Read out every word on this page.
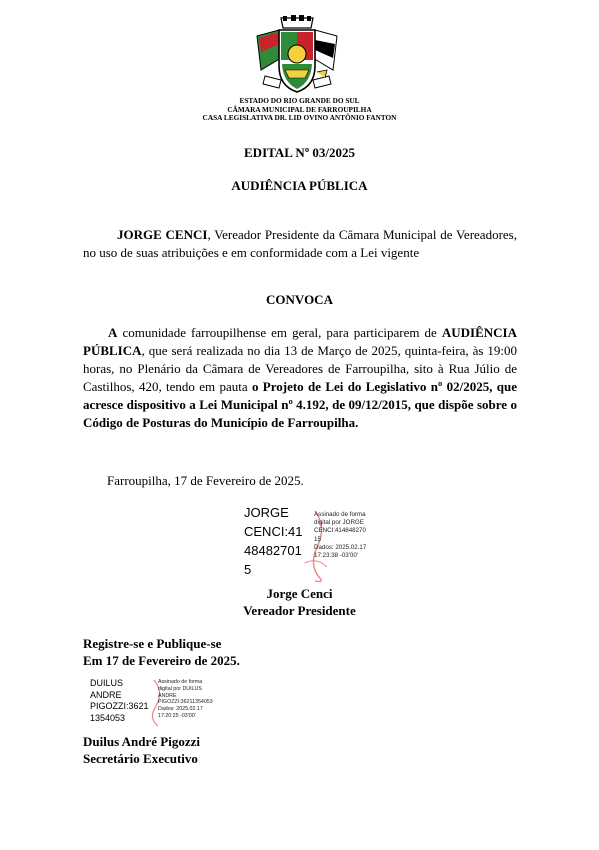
ESTADO DO RIO GRANDE DO SUL
CÂMARA MUNICIPAL DE FARROUPILHA
CASA LEGISLATIVA DR. LID OVINO ANTÔNIO FANTON
EDITAL Nº 03/2025
AUDIÊNCIA PÚBLICA
JORGE CENCI, Vereador Presidente da Câmara Municipal de Vereadores, no uso de suas atribuições e em conformidade com a Lei vigente
CONVOCA
A comunidade farroupilhense em geral, para participarem de AUDIÊNCIA PÚBLICA, que será realizada no dia 13 de Março de 2025, quinta-feira, às 19:00 horas, no Plenário da Câmara de Vereadores de Farroupilha, sito à Rua Júlio de Castilhos, 420, tendo em pauta o Projeto de Lei do Legislativo nº 02/2025, que acresce dispositivo a Lei Municipal nº 4.192, de 09/12/2015, que dispõe sobre o Código de Posturas do Município de Farroupilha.
Farroupilha, 17 de Fevereiro de 2025.
JORGE
CENCI:41
48482701
5
Assinado de forma
digital por JORGE
CENCI:414848270
15
Dados: 2025.02.17
17:23:38 -03'00'
Jorge Cenci
Vereador Presidente
Registre-se e Publique-se
Em 17 de Fevereiro de 2025.
DUILUS
ANDRE
PIGOZZI:3621
1354053
Assinado de forma
digital por DUILUS
ANDRE
PIGOZZI:36211354053
Dados: 2025.02.17
17:20:25 -03'00'
Duilus André Pigozzi
Secretário Executivo
